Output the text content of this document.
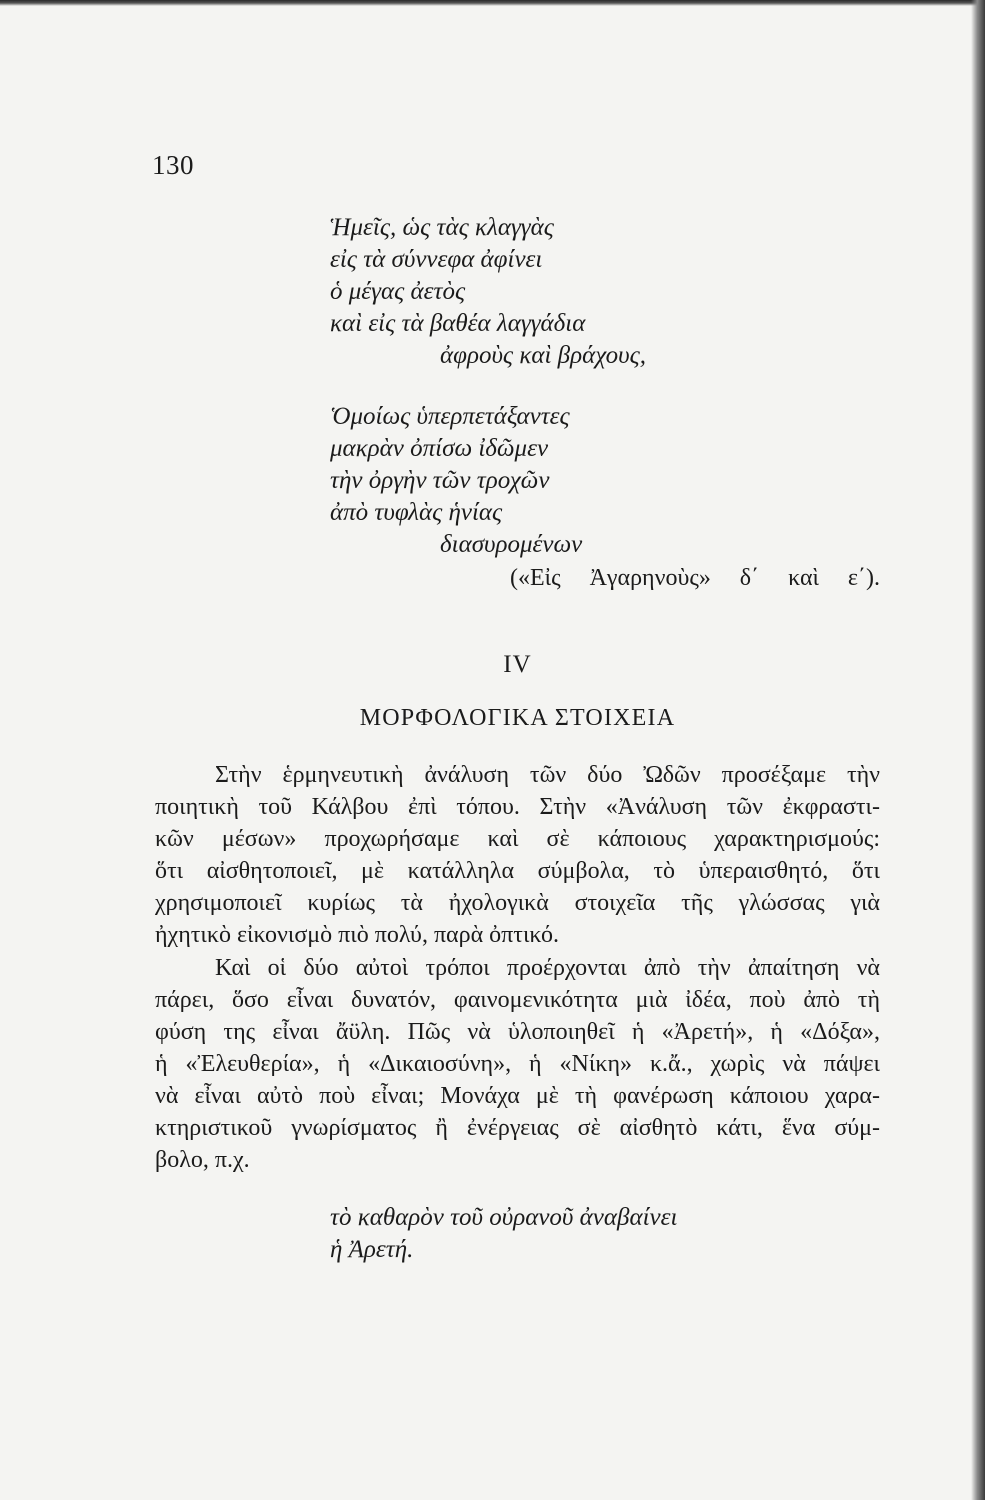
130
Ἡμεῖς, ὡς τὰς κλαγγὰς
εἰς τὰ σύννεφα ἀφίνει
ὁ μέγας ἀετὸς
καὶ εἰς τὰ βαθέα λαγγάδια
ἀφροὺς καὶ βράχους,
Ὁμοίως ὑπερπετάξαντες
μακρὰν ὀπίσω ἰδῶμεν
τὴν ὀργὴν τῶν τροχῶν
ἀπὸ τυφλὰς ἡνίας
διασυρομένων
(«Εἰς Ἀγαρηνοὺς» δ΄ καὶ ε΄).
IV
ΜΟΡΦΟΛΟΓΙΚΑ ΣΤΟΙΧΕΙΑ
Στὴν ἑρμηνευτικὴ ἀνάλυση τῶν δύο Ὠδῶν προσέξαμε τὴν
ποιητικὴ τοῦ Κάλβου ἐπὶ τόπου. Στὴν «Ἀνάλυση τῶν ἐκφραστι-
κῶν μέσων» προχωρήσαμε καὶ σὲ κάποιους χαρακτηρισμούς:
ὅτι αἰσθητοποιεῖ, μὲ κατάλληλα σύμβολα, τὸ ὑπεραισθητό, ὅτι
χρησιμοποιεῖ κυρίως τὰ ἠχολογικὰ στοιχεῖα τῆς γλώσσας γιὰ
ἠχητικὸ εἰκονισμὸ πιὸ πολύ, παρὰ ὀπτικό.
Καὶ οἱ δύο αὐτοὶ τρόποι προέρχονται ἀπὸ τὴν ἀπαίτηση νὰ
πάρει, ὅσο εἶναι δυνατόν, φαινομενικότητα μιὰ ἰδέα, ποὺ ἀπὸ τὴ
φύση της εἶναι ἄϋλη. Πῶς νὰ ὑλοποιηθεῖ ἡ «Ἀρετή», ἡ «Δόξα»,
ἡ «Ἐλευθερία», ἡ «Δικαιοσύνη», ἡ «Νίκη» κ.ἄ., χωρὶς νὰ πάψει
νὰ εἶναι αὐτὸ ποὺ εἶναι; Μονάχα μὲ τὴ φανέρωση κάποιου χαρα-
κτηριστικοῦ γνωρίσματος ἢ ἐνέργειας σὲ αἰσθητὸ κάτι, ἕνα σύμ-
βολο, π.χ.
τὸ καθαρὸν τοῦ οὐρανοῦ ἀναβαίνει
ἡ Ἀρετή.
